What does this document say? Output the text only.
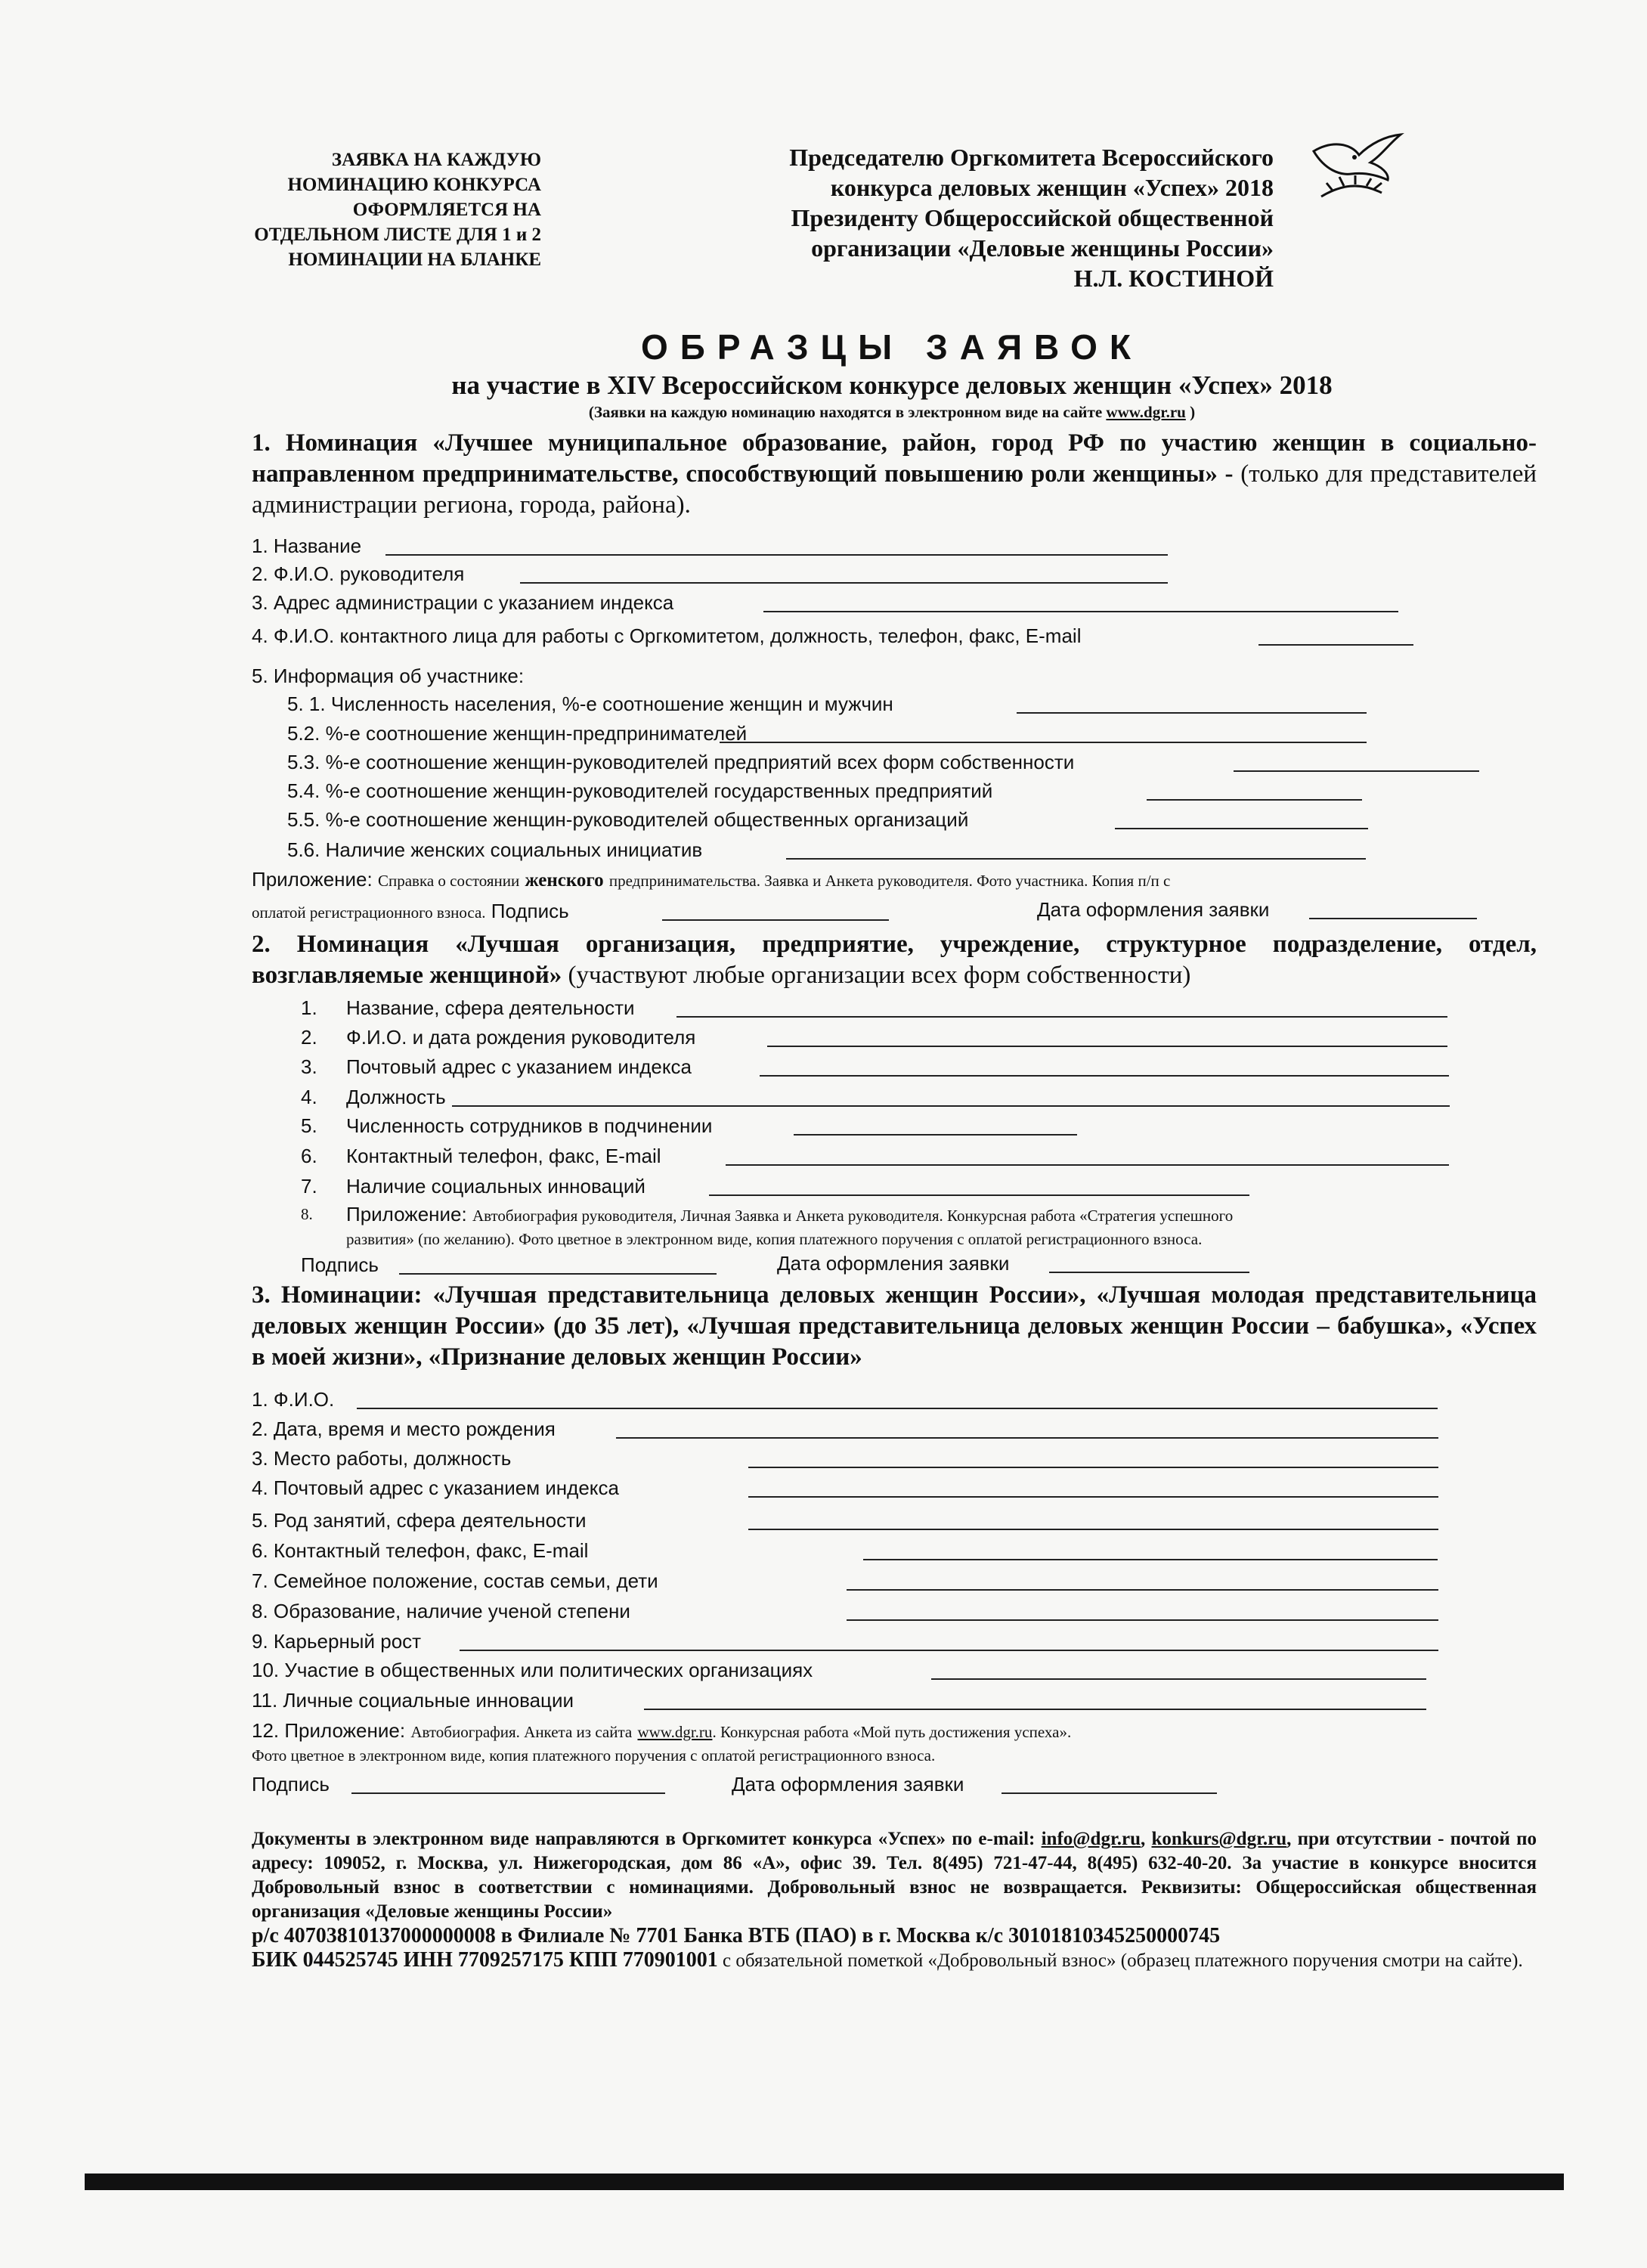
ЗАЯВКА НА КАЖДУЮ НОМИНАЦИЮ КОНКУРСА ОФОРМЛЯЕТСЯ НА ОТДЕЛЬНОМ ЛИСТЕ ДЛЯ 1 и 2 НОМИНАЦИИ НА БЛАНКЕ
Председателю Оргкомитета Всероссийского
конкурса деловых женщин «Успех» 2018
Президенту Общероссийской общественной
организации «Деловые женщины России»
Н.Л. КОСТИНОЙ
ОБРАЗЦЫ ЗАЯВОК
на участие в XIV Всероссийском конкурсе деловых женщин «Успех» 2018
(Заявки на каждую номинацию находятся в электронном виде на сайте www.dgr.ru )
1. Номинация «Лучшее муниципальное образование, район, город РФ по участию женщин в социально-направленном предпринимательстве, способствующий повышению роли женщины» - (только для представителей администрации региона, города, района).
1. Название
2. Ф.И.О. руководителя
3. Адрес администрации с указанием индекса
4. Ф.И.О. контактного лица для работы с Оргкомитетом, должность, телефон, факс, E-mail
5. Информация об участнике:
5. 1. Численность населения, %-е соотношение женщин и мужчин
5.2. %-е соотношение женщин-предпринимателей
5.3. %-е соотношение женщин-руководителей предприятий всех форм собственности
5.4. %-е соотношение женщин-руководителей государственных предприятий
5.5. %-е соотношение женщин-руководителей общественных организаций
5.6. Наличие женских социальных инициатив
Приложение: Справка о состоянии женского предпринимательства. Заявка и Анкета руководителя. Фото участника. Копия п/п с
оплатой регистрационного взноса. Подпись	Дата оформления заявки
2. Номинация «Лучшая организация, предприятие, учреждение, структурное подразделение, отдел, возглавляемые женщиной» (участвуют любые организации всех форм собственности)
1. Название, сфера деятельности
2. Ф.И.О. и дата рождения руководителя
3. Почтовый адрес с указанием индекса
4. Должность
5. Численность сотрудников в подчинении
6. Контактный телефон, факс, E-mail
7. Наличие социальных инноваций
8. Приложение: Автобиография руководителя, Личная Заявка и Анкета руководителя. Конкурсная работа «Стратегия успешного
развития» (по желанию). Фото цветное в электронном виде, копия платежного поручения с оплатой регистрационного взноса.
Подпись	Дата оформления заявки
3. Номинации: «Лучшая представительница деловых женщин России», «Лучшая молодая представительница деловых женщин России» (до 35 лет), «Лучшая представительница деловых женщин России – бабушка», «Успех в моей жизни», «Признание деловых женщин России»
1. Ф.И.О.
2. Дата, время и место рождения
3. Место работы, должность
4. Почтовый адрес с указанием индекса
5. Род занятий, сфера деятельности
6. Контактный телефон, факс, E-mail
7. Семейное положение, состав семьи, дети
8. Образование, наличие ученой степени
9. Карьерный рост
10. Участие в общественных или политических организациях
11. Личные социальные инновации
12. Приложение: Автобиография. Анкета из сайта www.dgr.ru. Конкурсная работа «Мой путь достижения успеха».
Фото цветное в электронном виде, копия платежного поручения с оплатой регистрационного взноса.
Подпись	Дата оформления заявки
Документы в электронном виде направляются в Оргкомитет конкурса «Успех» по e-mail: info@dgr.ru, konkurs@dgr.ru, при отсутствии - почтой по адресу: 109052, г. Москва, ул. Нижегородская, дом 86 «А», офис 39. Тел. 8(495) 721-47-44, 8(495) 632-40-20. За участие в конкурсе вносится Добровольный взнос в соответствии с номинациями. Добровольный взнос не возвращается. Реквизиты: Общероссийская общественная организация «Деловые женщины России»
р/с 40703810137000000008 в Филиале № 7701 Банка ВТБ (ПАО) в г. Москва к/с 30101810345250000745
БИК 044525745 ИНН 7709257175 КПП 770901001 с обязательной пометкой «Добровольный взнос» (образец платежного поручения смотри на сайте).
